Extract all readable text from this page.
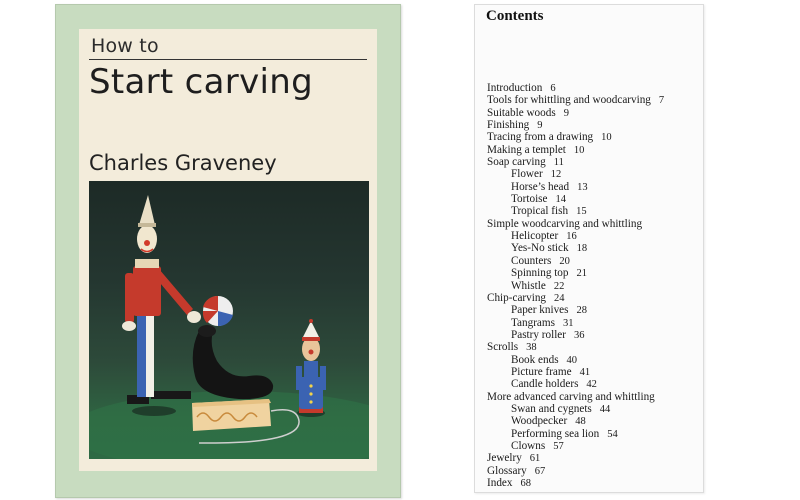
How to
Start carving
Charles Graveney
Contents
Introduction 6
Tools for whittling and woodcarving 7
Suitable woods 9
Finishing 9
Tracing from a drawing 10
Making a templet 10
Soap carving 11
Flower 12
Horse’s head 13
Tortoise 14
Tropical fish 15
Simple woodcarving and whittling
Helicopter 16
Yes-No stick 18
Counters 20
Spinning top 21
Whistle 22
Chip-carving 24
Paper knives 28
Tangrams 31
Pastry roller 36
Scrolls 38
Book ends 40
Picture frame 41
Candle holders 42
More advanced carving and whittling
Swan and cygnets 44
Woodpecker 48
Performing sea lion 54
Clowns 57
Jewelry 61
Glossary 67
Index 68
